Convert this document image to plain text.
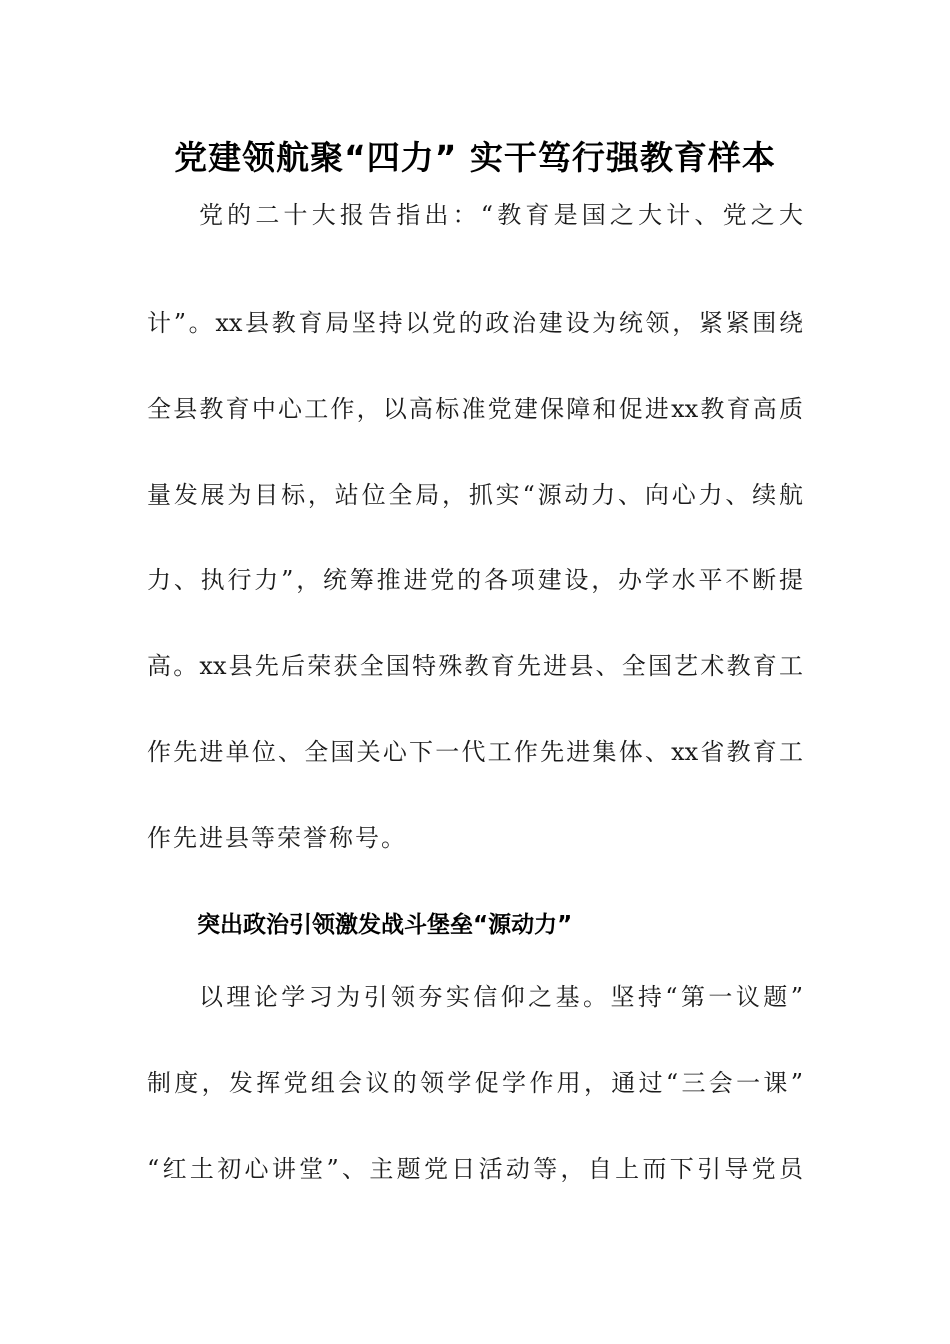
党建领航聚“四力” 实干笃行强教育样本
党的二十大报告指出：“教育是国之大计、党之大
计”。xx县教育局坚持以党的政治建设为统领，紧紧围绕
全县教育中心工作，以高标准党建保障和促进xx教育高质
量发展为目标，站位全局，抓实“源动力、向心力、续航
力、执行力”，统筹推进党的各项建设，办学水平不断提
高。xx县先后荣获全国特殊教育先进县、全国艺术教育工
作先进单位、全国关心下一代工作先进集体、xx省教育工
作先进县等荣誉称号。
突出政治引领激发战斗堡垒“源动力”
以理论学习为引领夯实信仰之基。坚持“第一议题”
制度，发挥党组会议的领学促学作用，通过“三会一课”
“红土初心讲堂”、主题党日活动等，自上而下引导党员
